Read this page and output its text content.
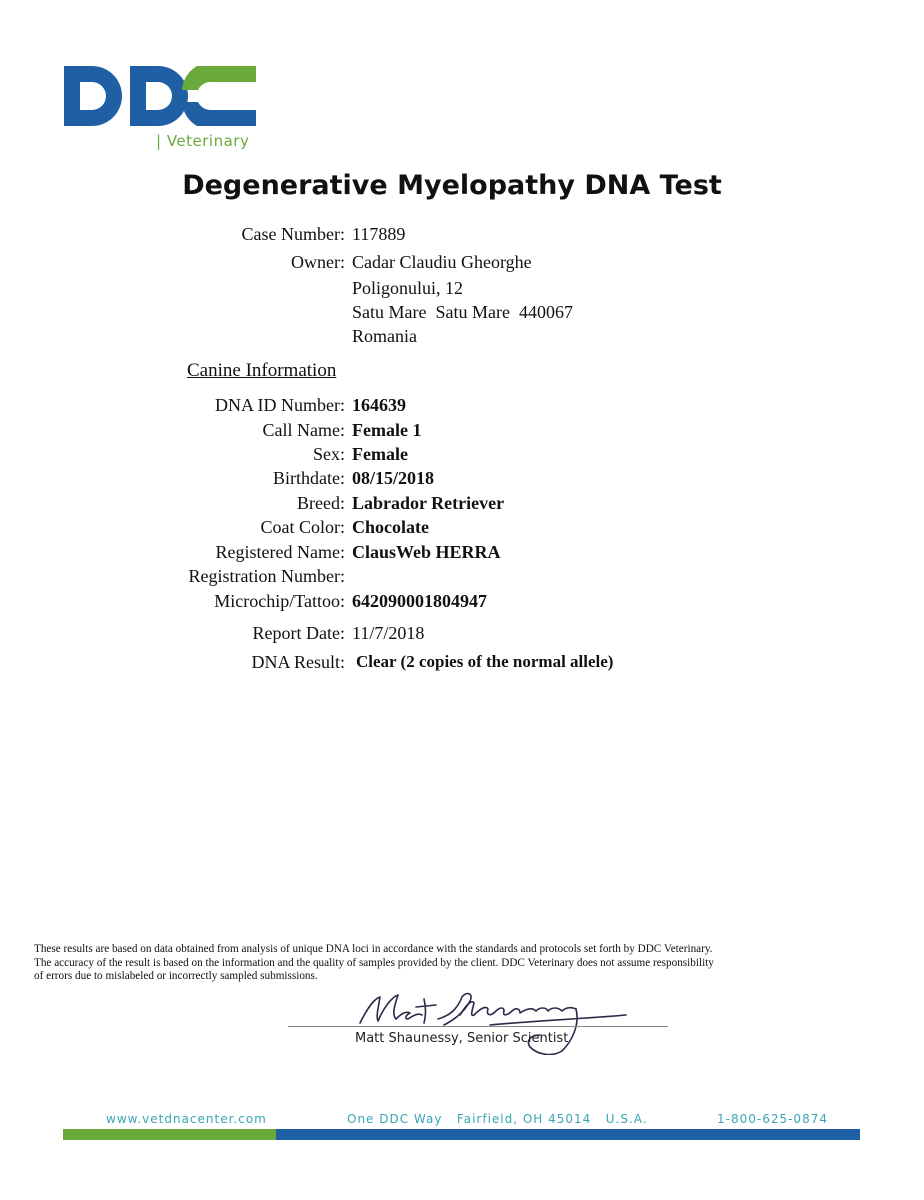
| Veterinary
Degenerative Myelopathy DNA Test
Case Number: 117889
Owner: Cadar Claudiu Gheorghe
Poligonului, 12
Satu Mare  Satu Mare  440067
Romania
Canine Information
DNA ID Number: 164639
Call Name: Female 1
Sex: Female
Birthdate: 08/15/2018
Breed: Labrador Retriever
Coat Color: Chocolate
Registered Name: ClausWeb HERRA
Registration Number:
Microchip/Tattoo: 642090001804947
Report Date: 11/7/2018
DNA Result: Clear (2 copies of the normal allele)
These results are based on data obtained from analysis of unique DNA loci in accordance with the standards and protocols set forth by DDC Veterinary.
The accuracy of the result is based on the information and the quality of samples provided by the client. DDC Veterinary does not assume responsibility
of errors due to mislabeled or incorrectly sampled submissions.
Matt Shaunessy, Senior Scientist
www.vetdnacenter.com	One DDC Way   Fairfield, OH 45014   U.S.A.	1-800-625-0874
